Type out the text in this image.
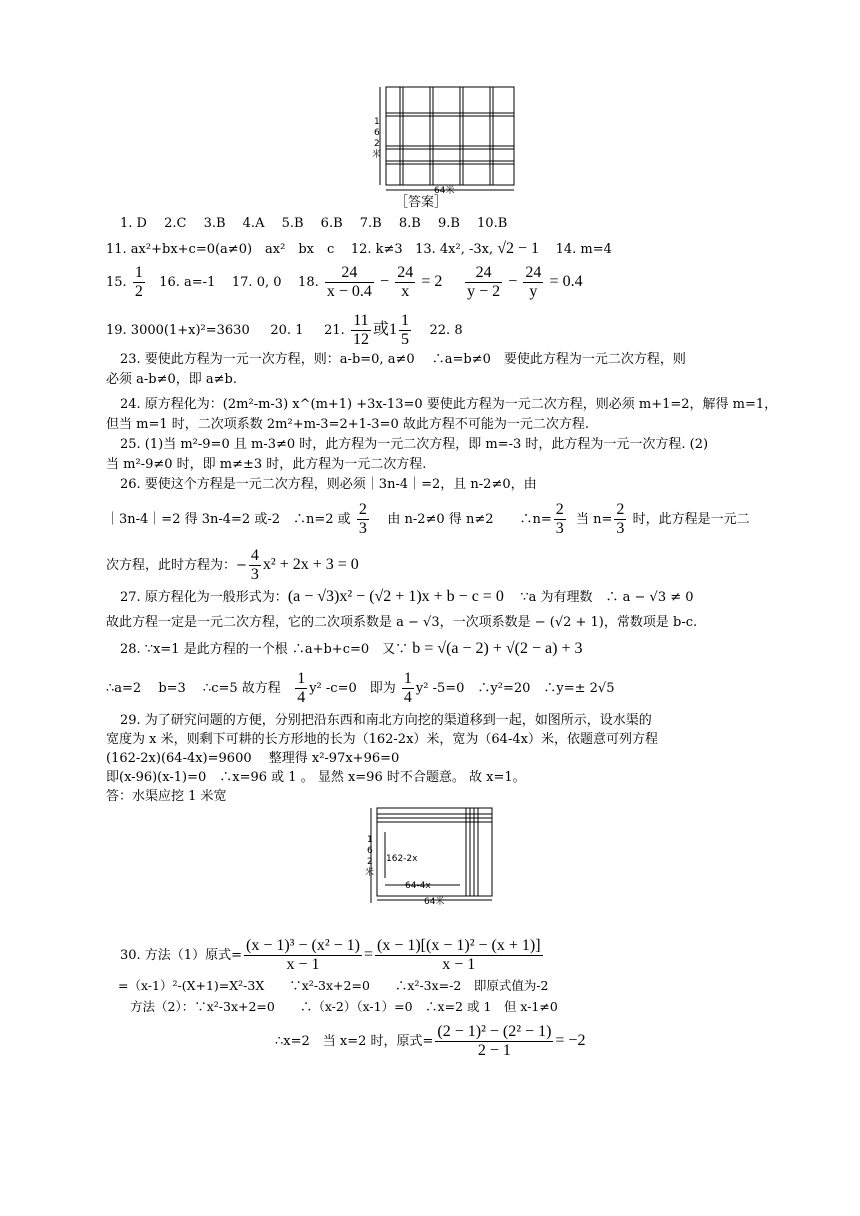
64米
1
6
2
米
［答案］
1. D　 2.C　 3.B　 4.A　 5.B　 6.B　 7.B　 8.B　 9.B　 10.B
11. ax²+bx+c=0(a≠0)　ax²　bx　c 12. k≠3 13. 4x², -3x, √2 − 1 14. m=4
15. $\frac{1}{2} 16$. a=-1 17. 0, 0 18. $\frac{24}{x - 0.4} - \frac{24}{x} = 2 \frac{24}{y - 2} - \frac{24}{y} = 0.4$
19. 3000(1+x)²=3630 20. 1 21. $\frac{11}{12}$ 或$1 \frac{1}{5} 22$. 8
23. 要使此方程为一元一次方程，则：a-b=0, a≠0　 ∴a=b≠0　要使此方程为一元二次方程，则
必须 a-b≠0，即 a≠b.
24. 原方程化为：(2m²-m-3) x^(m+1) +3x-13=0 要使此方程为一元二次方程，则必须 m+1=2，解得 m=1，
但当 m=1 时，二次项系数 2m²+m-3=2+1-3=0 故此方程不可能为一元二次方程.
25. (1)当 m²-9=0 且 m-3≠0 时，此方程为一元二次方程，即 m=-3 时，此方程为一元一次方程. (2)
当 m²-9≠0 时，即 m≠±3 时，此方程为一元二次方程.
26. 要使这个方程是一元二次方程，则必须｜3n-4｜=2，且 n-2≠0，由
｜3n-4｜=2 得 3n-4=2 或-2　∴n=2 或 $\frac{2}{3}$ 由 n-2≠0 得 n≠2　　∴n= $\frac{2}{3}$ 当 $n= \frac{2}{3}$ 时，此方程是一元二
次方程，此时方程为：− $\frac{4}{3} x^2 + 2x + 3 = 0$
27. 原方程化为一般形式为：(a − √3)x² − (√2 + 1)x + b − c = 0 ∵a 为有理数　∴ a − √3 ≠ 0
故此方程一定是一元二次方程，它的二次项系数是 a − √3，一次项系数是 − (√2 + 1)，常数项是 b-c.
28. ∵x=1 是此方程的一个根 ∴a+b+c=0　又∵ b = √(a − 2) + √(2 − a) + 3
∴a=2　 b=3　 ∴c=5 故方程 $\frac{1}{4} y^2$ -c=0　即为 $\frac{1}{4} y^2$ -5=0　∴y²=20　∴y=± 2√5
29. 为了研究问题的方便，分别把沿东西和南北方向挖的渠道移到一起，如图所示，设水渠的
宽度为 x 米，则剩下可耕的长方形地的长为（162-2x）米，宽为（64-4x）米，依题意可列方程
(162-2x)(64-4x)=9600　 整理得 x²-97x+96=0
即(x-96)(x-1)=0　∴x=96 或 1 。 显然 x=96 时不合题意。 故 x=1。
答：水渠应挖 1 米宽
162-2x
64-4x
64米
1
6
2
米
30. 方法（1）原式= $\frac{\text{(x − 1)³ − (x² − 1)}}{x - 1} = \frac{\text{(x − 1)[(x − 1)² − (x + 1)]}}{x - 1}$
=（x-1）²-(X+1)=X²-3X　　∵x²-3x+2=0　　∴x²-3x=-2　即原式值为-2
方法（2）：∵x²-3x+2=0　　∴（x-2）（x-1）=0　∴x=2 或 1　但 x-1≠0
∴x=2　当 x=2 时，原式= $\frac{\text{(2 − 1)² − (2² − 1)}}{2 - 1} = -2$
